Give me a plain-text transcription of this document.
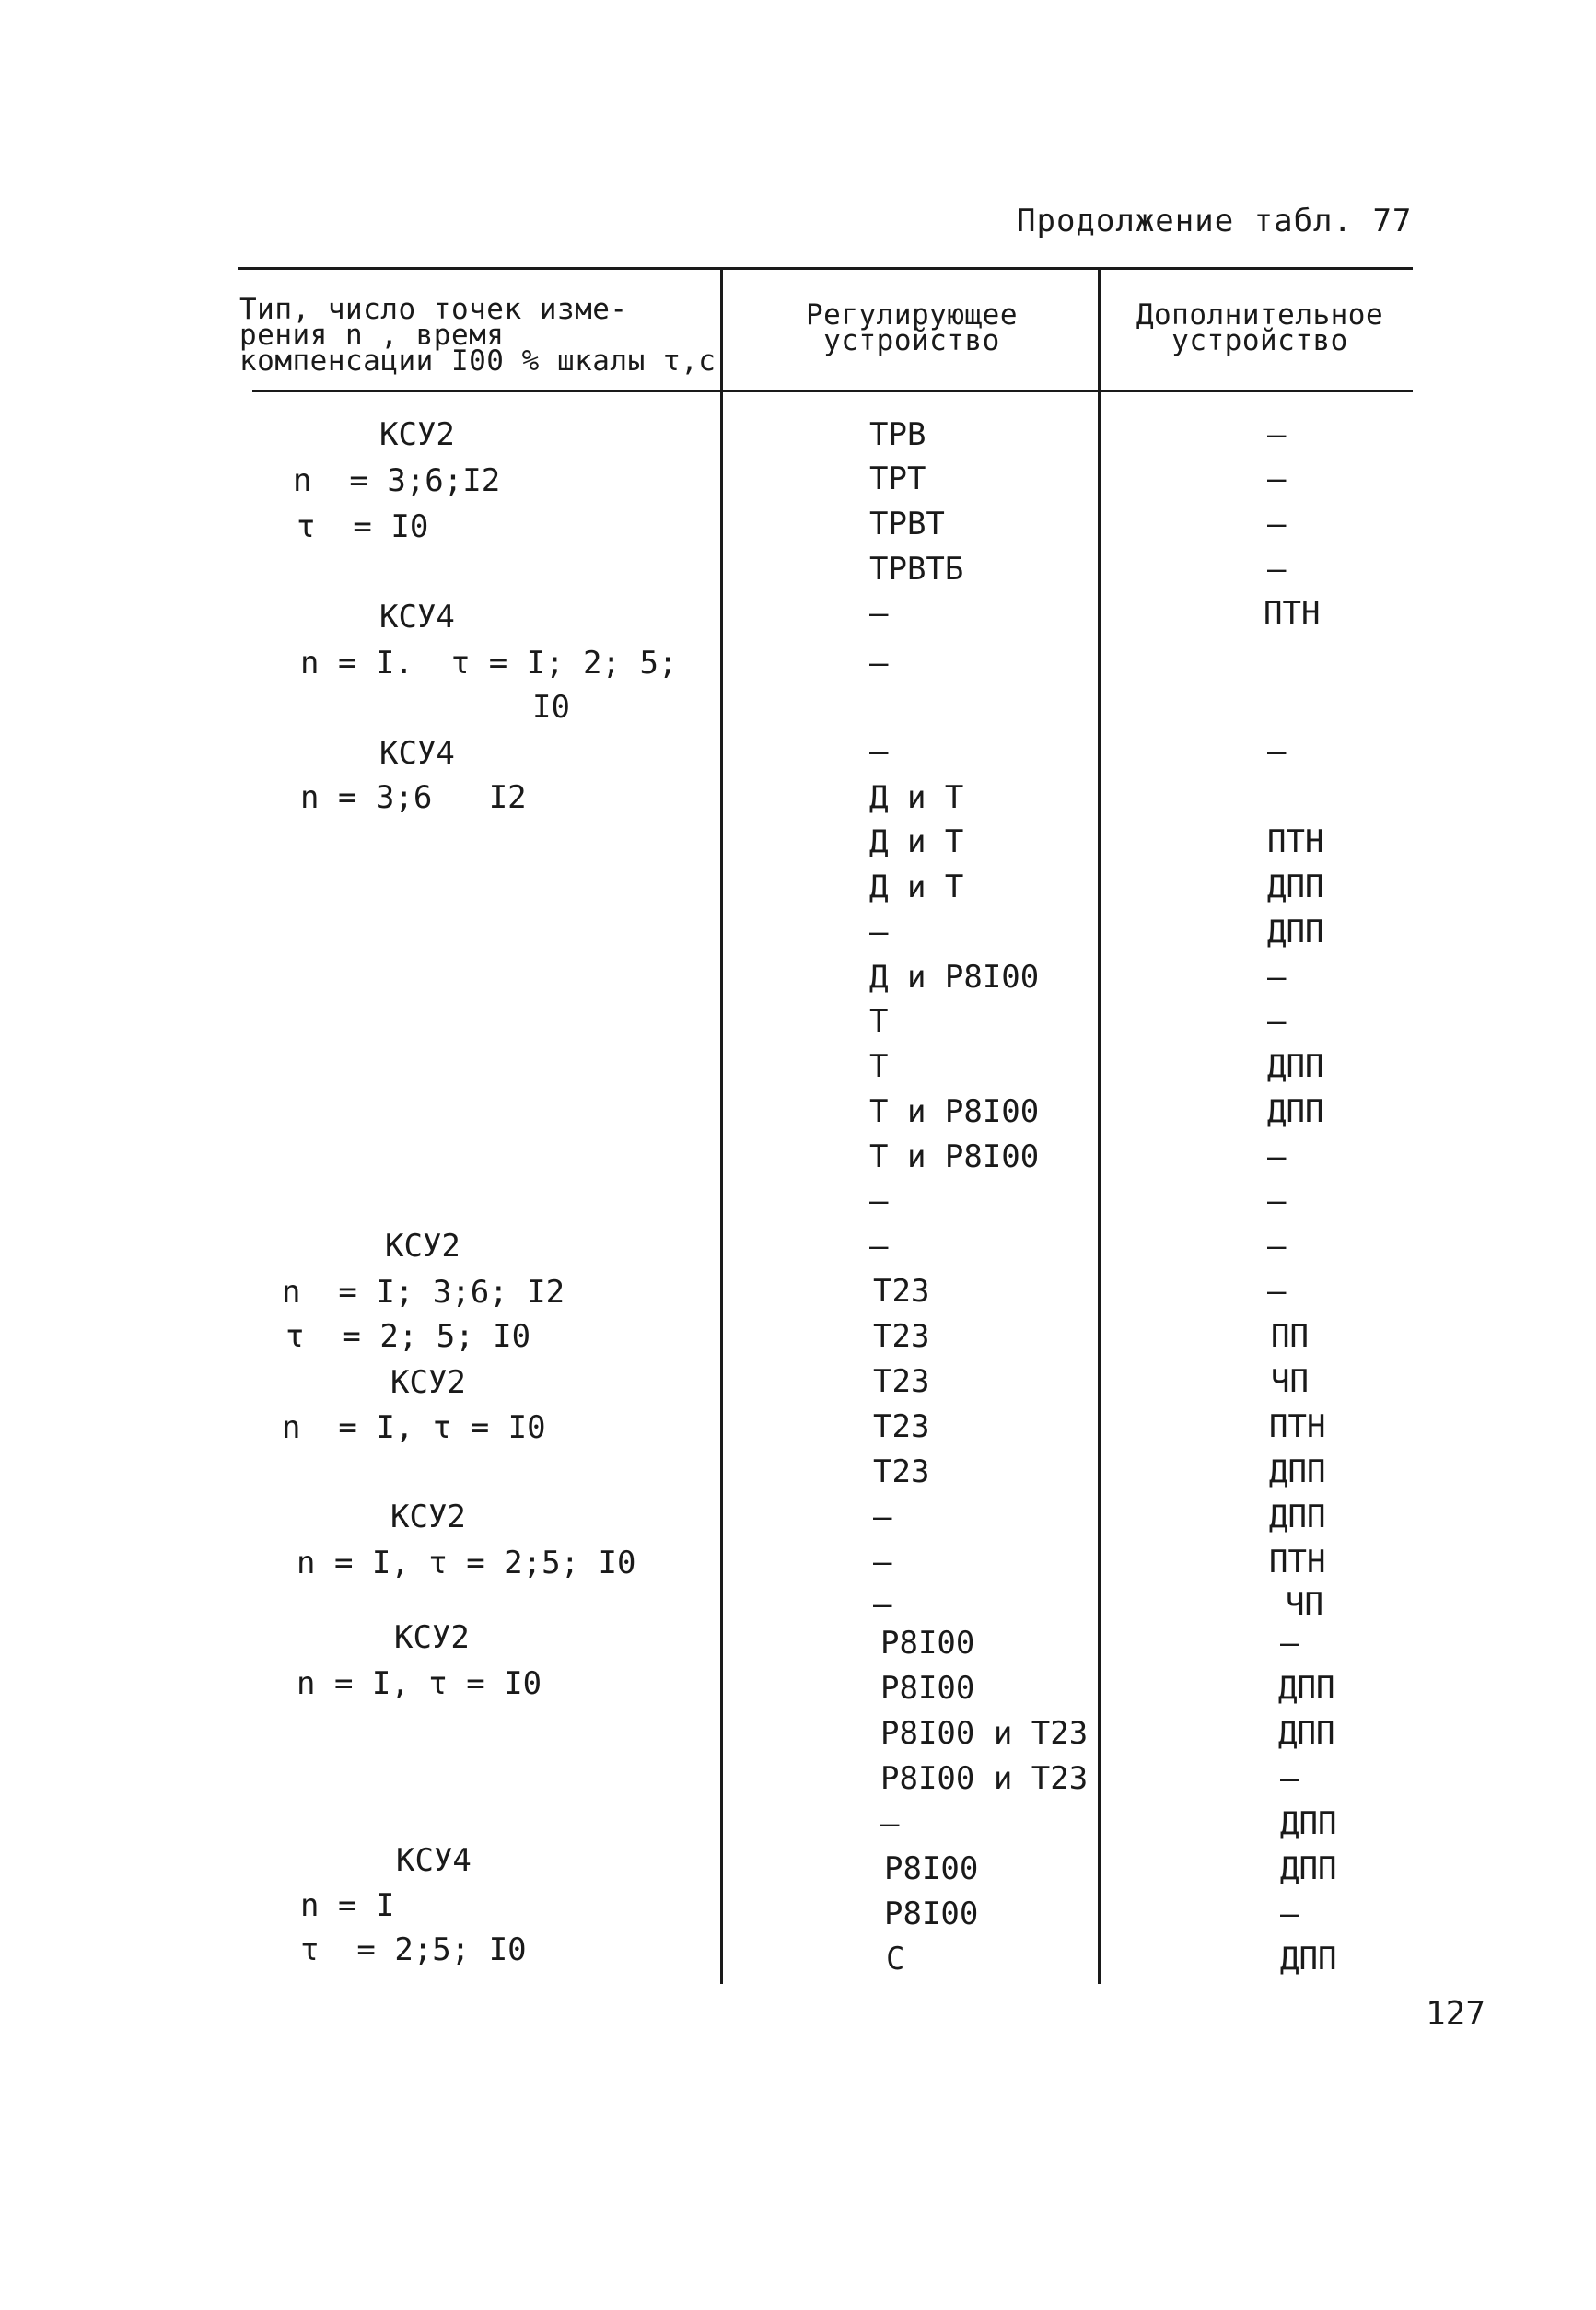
Продолжение табл. 77
Тип, число точек изме-
рения n , время
компенсации I00 % шкалы τ,с
Регулирующее
устройство
Дополнительное
устройство
КСУ2
n  = 3;6;I2
τ  = I0
КСУ4
n = I.  τ = I; 2; 5;
I0
КСУ4
n = 3;6   I2
КСУ2
n  = I; 3;6; I2
τ  = 2; 5; I0
КСУ2
n  = I, τ = I0
КСУ2
n = I, τ = 2;5; I0
КСУ2
n = I, τ = I0
КСУ4
n = I
τ  = 2;5; I0
ТРВ
ТРТ
ТРВТ
ТРВТБ
–
–
–
Д и Т
Д и Т
Д и Т
–
Д и Р8I00
Т
Т
Т и Р8I00
Т и Р8I00
–
–
Т23
Т23
Т23
Т23
Т23
–
–
–
Р8I00
Р8I00
Р8I00 и Т23
Р8I00 и Т23
–
Р8I00
Р8I00
С
–
–
–
–
ПТН
–
ПТН
ДПП
ДПП
–
–
ДПП
ДПП
–
–
–
–
ПП
ЧП
ПТН
ДПП
ДПП
ПТН
ЧП
–
ДПП
ДПП
–
ДПП
ДПП
–
ДПП
127
